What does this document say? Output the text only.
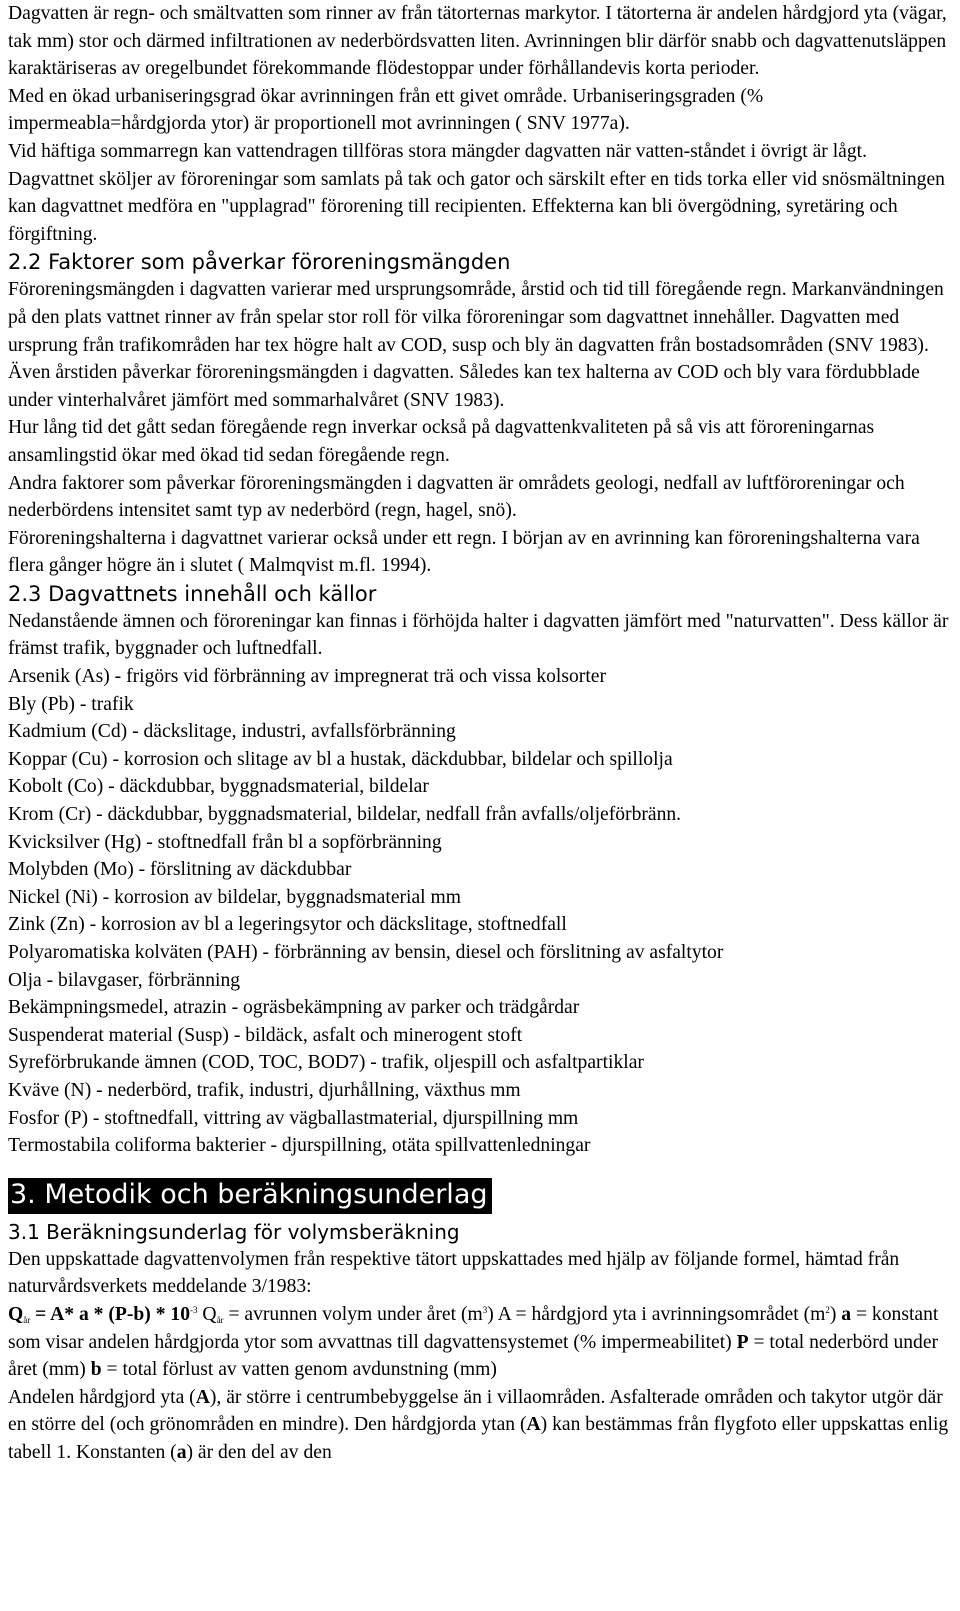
Dagvatten är regn- och smältvatten som rinner av från tätorternas markytor. I tätorterna är andelen hårdgjord yta (vägar, tak mm) stor och därmed infiltrationen av nederbördsvatten liten. Avrinningen blir därför snabb och dagvattenutsläppen karaktäriseras av oregelbundet förekommande flödestoppar under förhållandevis korta perioder.

Med en ökad urbaniseringsgrad ökar avrinningen från ett givet område. Urbaniseringsgraden (% impermeabla=hårdgjorda ytor) är proportionell mot avrinningen ( SNV 1977a).

Vid häftiga sommarregn kan vattendragen tillföras stora mängder dagvatten när vatten-ståndet i övrigt är lågt. Dagvattnet sköljer av föroreningar som samlats på tak och gator och särskilt efter en tids torka eller vid snösmältningen kan dagvattnet medföra en "upplagrad" förorening till recipienten. Effekterna kan bli övergödning, syretäring och förgiftning.

2.2 Faktorer som påverkar föroreningsmängden

Föroreningsmängden i dagvatten varierar med ursprungsområde, årstid och tid till föregående regn. Markanvändningen på den plats vattnet rinner av från spelar stor roll för vilka föroreningar som dagvattnet innehåller. Dagvatten med ursprung från trafikområden har tex högre halt av COD, susp och bly än dagvatten från bostadsområden (SNV 1983).

Även årstiden påverkar föroreningsmängden i dagvatten. Således kan tex halterna av COD och bly vara fördubblade under vinterhalvåret jämfört med sommarhalvåret (SNV 1983).

Hur lång tid det gått sedan föregående regn inverkar också på dagvattenkvaliteten på så vis att föroreningarnas ansamlingstid ökar med ökad tid sedan föregående regn.

Andra faktorer som påverkar föroreningsmängden i dagvatten är områdets geologi, nedfall av luftföroreningar och nederbördens intensitet samt typ av nederbörd (regn, hagel, snö).

Föroreningshalterna i dagvattnet varierar också under ett regn. I början av en avrinning kan föroreningshalterna vara flera gånger högre än i slutet ( Malmqvist m.fl. 1994).

2.3 Dagvattnets innehåll och källor

Nedanstående ämnen och föroreningar kan finnas i förhöjda halter i dagvatten jämfört med "naturvatten". Dess källor är främst trafik, byggnader och luftnedfall.

Arsenik (As) - frigörs vid förbränning av impregnerat trä och vissa kolsorter

Bly (Pb) - trafik

Kadmium (Cd) - däckslitage, industri, avfallsförbränning

Koppar (Cu) - korrosion och slitage av bl a hustak, däckdubbar, bildelar och spillolja

Kobolt (Co) - däckdubbar, byggnadsmaterial, bildelar

Krom (Cr) - däckdubbar, byggnadsmaterial, bildelar, nedfall från avfalls/oljeförbränn.

Kvicksilver (Hg) - stoftnedfall från bl a sopförbränning

Molybden (Mo) - förslitning av däckdubbar

Nickel (Ni) - korrosion av bildelar, byggnadsmaterial mm

Zink (Zn) - korrosion av bl a legeringsytor och däckslitage, stoftnedfall

Polyaromatiska kolväten (PAH) - förbränning av bensin, diesel och förslitning av asfaltytor

Olja - bilavgaser, förbränning

Bekämpningsmedel, atrazin - ogräsbekämpning av parker och trädgårdar

Suspenderat material (Susp) - bildäck, asfalt och minerogent stoft

Syreförbrukande ämnen (COD, TOC, BOD7) - trafik, oljespill och asfaltpartiklar

Kväve (N) - nederbörd, trafik, industri, djurhållning, växthus mm

Fosfor (P) - stoftnedfall, vittring av vägballastmaterial, djurspillning mm

Termostabila coliforma bakterier - djurspillning, otäta spillvattenledningar

3. Metodik och beräkningsunderlag
3.1 Beräkningsunderlag för volymsberäkning

Den uppskattade dagvattenvolymen från respektive tätort uppskattades med hjälp av följande formel, hämtad från naturvårdsverkets meddelande 3/1983:

$Q_{år} = A*$ a * $(P-b) * 10^{-3}$ $Q_{år}$ = avrunnen volym under året $(m^3) A$ = hårdgjord yta i avrinningsområdet $(m^2) a$ = konstant som visar andelen hårdgjorda ytor som avvattnas till dagvattensystemet (% impermeabilitet) P = total nederbörd under året (mm) b = total förlust av vatten genom avdunstning (mm)

Andelen hårdgjord yta (A), är större i centrumbebyggelse än i villaområden. Asfalterade områden och takytor utgör där en större del (och grönområden en mindre). Den hårdgjorda ytan (A) kan bestämmas från flygfoto eller uppskattas enlig tabell 1. Konstanten (a) är den del av den
